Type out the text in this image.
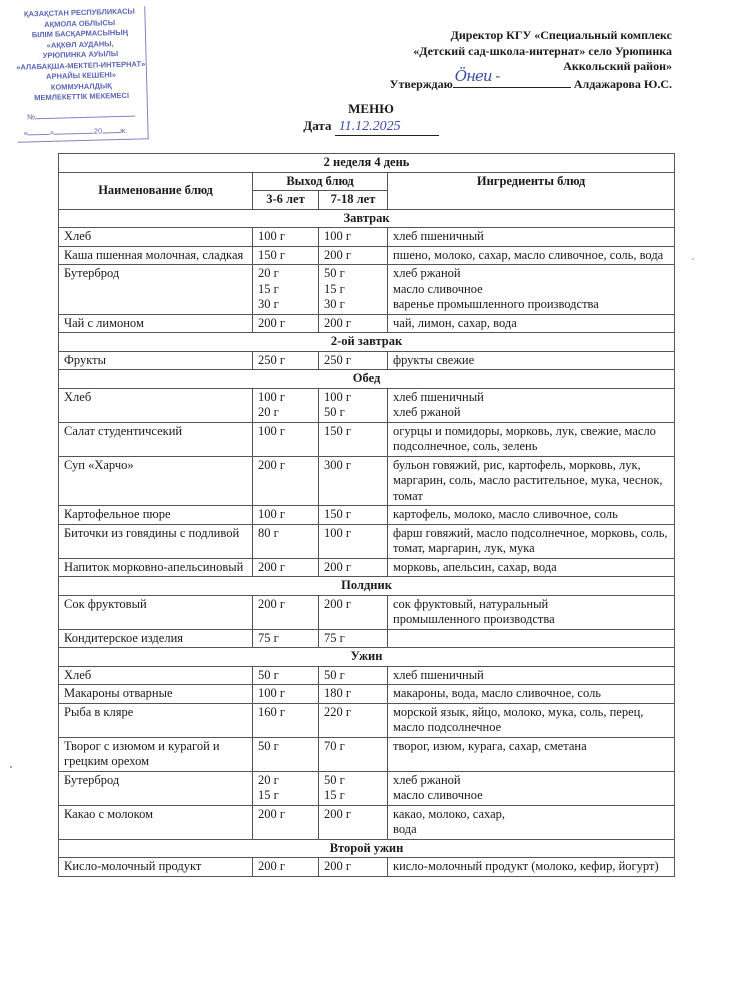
ҚАЗАҚСТАН РЕСПУБЛИКАСЫ
АҚМОЛА ОБЛЫСЫ
БІЛІМ БАСҚАРМАСЫНЫҢ
«АҚКӨЛ АУДАНЫ,
УРЮПИНКА АУЫЛЫ
«АЛАБАҚША-МЕКТЕП-ИНТЕРНАТ»
АРНАЙЫ КЕШЕНІ»
КОММУНАЛДЫҚ
МЕМЛЕКЕТТІК МЕКЕМЕСІ
№
«	»	20 ж.
Директор КГУ «Специальный комплекс
«Детский сад-школа-интернат» село Урюпинка
Аккольский район»
Утверждаю Ӧнеи -	Алдажарова Ю.С.
МЕНЮ
Дата 11.12.2025
2 неделя 4 день			
Наименование блюд	Выход блюд		Ингредиенты блюд
	3-6 лет	7-18 лет	
Завтрак			
Хлеб	100 г	100 г	хлеб пшеничный

Каша пшенная молочная, сладкая	150 г	200 г	пшено, молоко, сахар, масло сливочное, соль, вода

Бутерброд	20 г
15 г
30 г	50 г
15 г
30 г	хлеб ржаной
масло сливочное
варенье промышленного производства

Чай с лимоном	200 г	200 г	чай, лимон, сахар, вода

2-ой завтрак			
Фрукты	250 г	250 г	фрукты свежие

Обед			
Хлеб	100 г
20 г	100 г
50 г	хлеб пшеничный
хлеб ржаной

Салат студентичсекий	100 г	150 г	огурцы и помидоры, морковь, лук, свежие, масло подсолнечное, соль, зелень

Суп «Харчо»	200 г	300 г	бульон говяжий, рис, картофель, морковь, лук, маргарин, соль, масло растительное, мука, чеснок, томат

Картофельное пюре	100 г	150 г	картофель, молоко, масло сливочное, соль

Биточки из говядины с подливой	80 г	100 г	фарш говяжий, масло подсолнечное, морковь, соль, томат, маргарин, лук, мука

Напиток морковно-апельсиновый	200 г	200 г	морковь, апельсин, сахар, вода

Полдник			
Сок фруктовый	200 г	200 г	сок фруктовый, натуральный
промышленного производства

Кондитерское изделия	75 г	75 г	

Ужин			
Хлеб	50 г	50 г	хлеб пшеничный

Макароны отварные	100 г	180 г	макароны, вода, масло сливочное, соль

Рыба в кляре	160 г	220 г	морской язык, яйцо, молоко, мука, соль, перец, масло подсолнечное

Творог с изюмом и курагой и грецким орехом	50 г	70 г	творог, изюм, курага, сахар, сметана

Бутерброд	20 г
15 г	50 г
15 г	хлеб ржаной
масло сливочное

Какао с молоком	200 г	200 г	какао, молоко, сахар,
вода

Второй ужин			
Кисло-молочный продукт	200 г	200 г	кисло-молочный продукт (молоко, кефир, йогурт)
